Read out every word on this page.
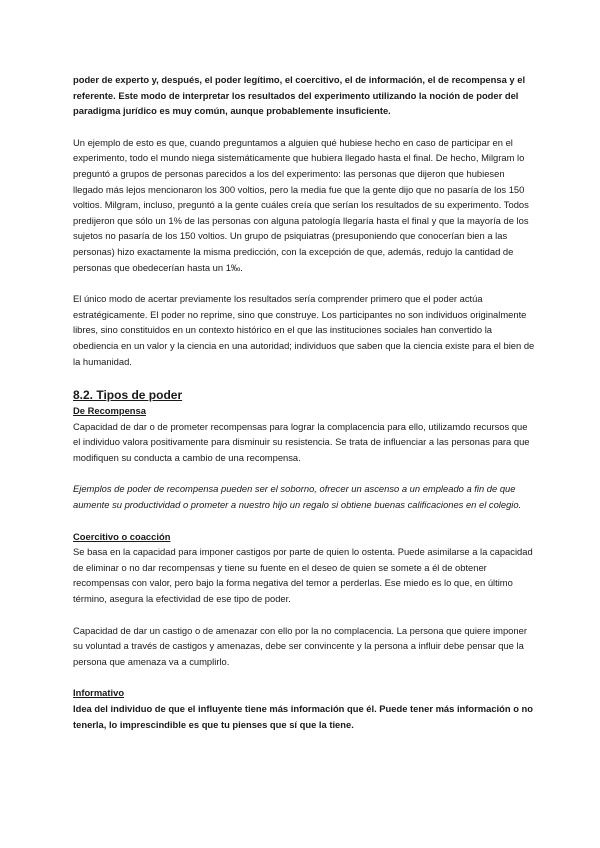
poder de experto y, después, el poder legítimo, el coercitivo, el de información, el de recompensa y el referente. Este modo de interpretar los resultados del experimento utilizando la noción de poder del paradigma jurídico es muy común, aunque probablemente insuficiente.

Un ejemplo de esto es que, cuando preguntamos a alguien qué hubiese hecho en caso de participar en el experimento, todo el mundo niega sistemáticamente que hubiera llegado hasta el final. De hecho, Milgram lo preguntó a grupos de personas parecidos a los del experimento: las personas que dijeron que hubiesen llegado más lejos mencionaron los 300 voltios, pero la media fue que la gente dijo que no pasaría de los 150 voltios. Milgram, incluso, preguntó a la gente cuáles creía que serían los resultados de su experimento. Todos predijeron que sólo un 1% de las personas con alguna patología llegaría hasta el final y que la mayoría de los sujetos no pasaría de los 150 voltios. Un grupo de psiquiatras (presuponiendo que conocerían bien a las personas) hizo exactamente la misma predicción, con la excepción de que, además, redujo la cantidad de personas que obedecerían hasta un 1‰.

El único modo de acertar previamente los resultados sería comprender primero que el poder actúa estratégicamente. El poder no reprime, sino que construye. Los participantes no son individuos originalmente libres, sino constituidos en un contexto histórico en el que las instituciones sociales han convertido la obediencia en un valor y la ciencia en una autoridad; individuos que saben que la ciencia existe para el bien de la humanidad.

8.2. Tipos de poder
De Recompensa

Capacidad de dar o de prometer recompensas para lograr la complacencia para ello, utilizamdo recursos que el individuo valora positivamente para disminuir su resistencia. Se trata de influenciar a las personas para que modifiquen su conducta a cambio de una recompensa.

Ejemplos de poder de recompensa pueden ser el soborno, ofrecer un ascenso a un empleado a fin de que aumente su productividad o prometer a nuestro hijo un regalo si obtiene buenas calificaciones en el colegio.

Coercitivo o coacción

Se basa en la capacidad para imponer castigos por parte de quien lo ostenta. Puede asimilarse a la capacidad de eliminar o no dar recompensas y tiene su fuente en el deseo de quien se somete a él de obtener recompensas con valor, pero bajo la forma negativa del temor a perderlas. Ese miedo es lo que, en último término, asegura la efectividad de ese tipo de poder.

Capacidad de dar un castigo o de amenazar con ello por la no complacencia. La persona que quiere imponer su voluntad a través de castigos y amenazas, debe ser convincente y la persona a influir debe pensar que la persona que amenaza va a cumplirlo.

Informativo

Idea del individuo de que el influyente tiene más información que él. Puede tener más información o no tenerla, lo imprescindible es que tu pienses que sí que la tiene.
